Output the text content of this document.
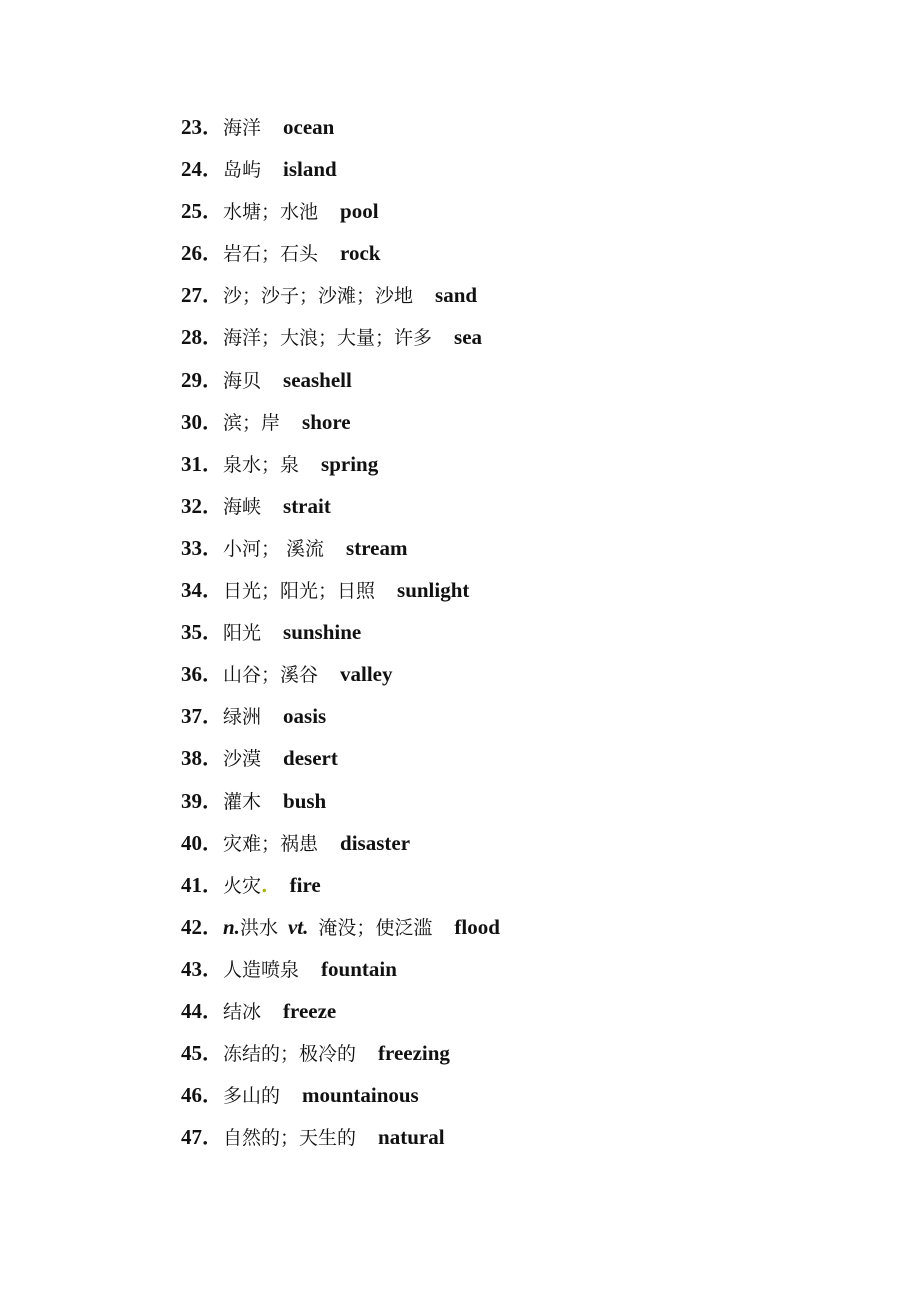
23．海洋 ocean
24．岛屿 island
25．水塘；水池 pool
26．岩石；石头 rock
27．沙；沙子；沙滩；沙地 sand
28．海洋；大浪；大量；许多 sea
29．海贝 seashell
30．滨；岸 shore
31．泉水；泉 spring
32．海峡 strait
33．小河； 溪流 stream
34．日光；阳光；日照 sunlight
35．阳光 sunshine
36．山谷；溪谷 valley
37．绿洲 oasis
38．沙漠 desert
39．灌木 bush
40．灾难；祸患 disaster
41．火灾. fire
42．n.洪水 vt. 淹没；使泛滥 flood
43．人造喷泉 fountain
44．结冰 freeze
45．冻结的；极冷的 freezing
46．多山的 mountainous
47．自然的；天生的 natural
